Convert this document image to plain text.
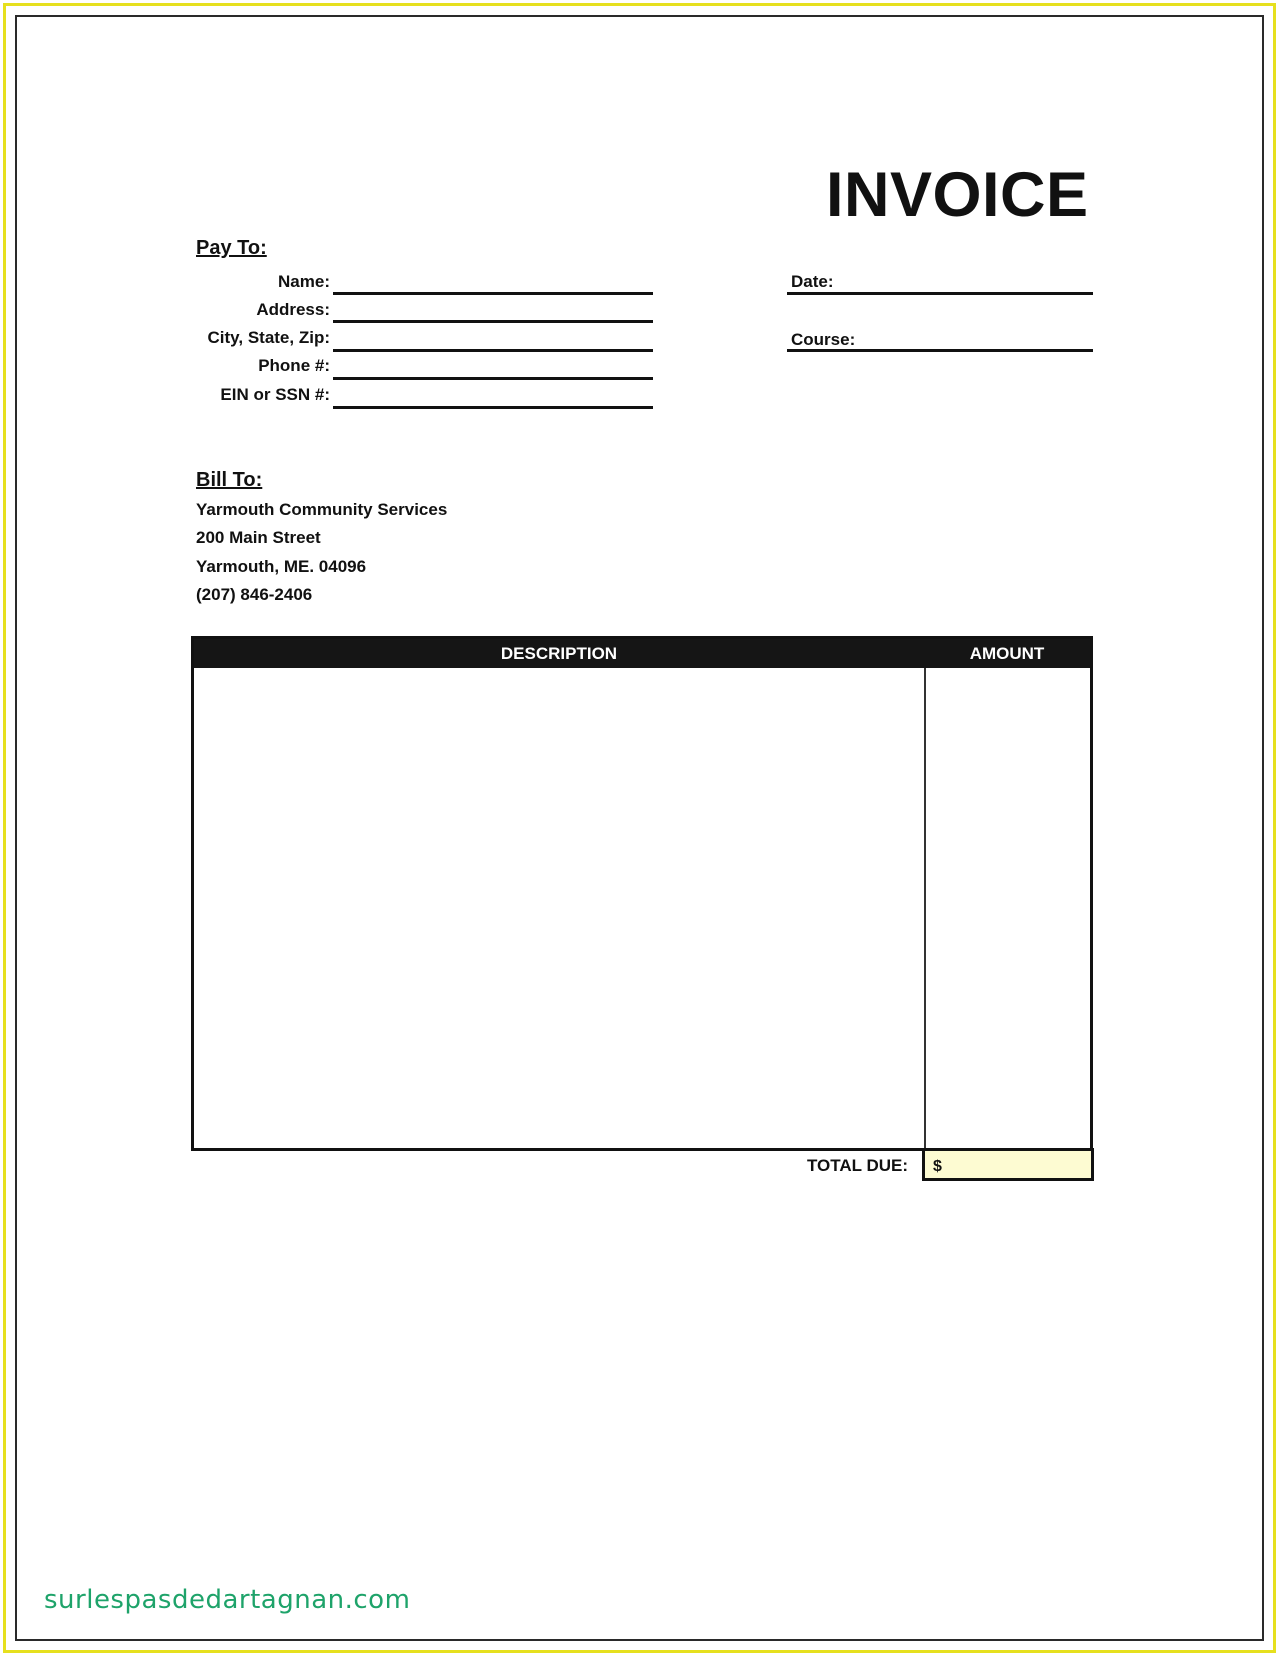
INVOICE
Pay To:
Name:
Address:
City, State, Zip:
Phone #:
EIN or SSN #:
Date:
Course:
Bill To:
Yarmouth Community Services
200 Main Street
Yarmouth, ME. 04096
(207) 846-2406
DESCRIPTION	AMOUNT
TOTAL DUE:	$
surlespasdedartagnan.com
